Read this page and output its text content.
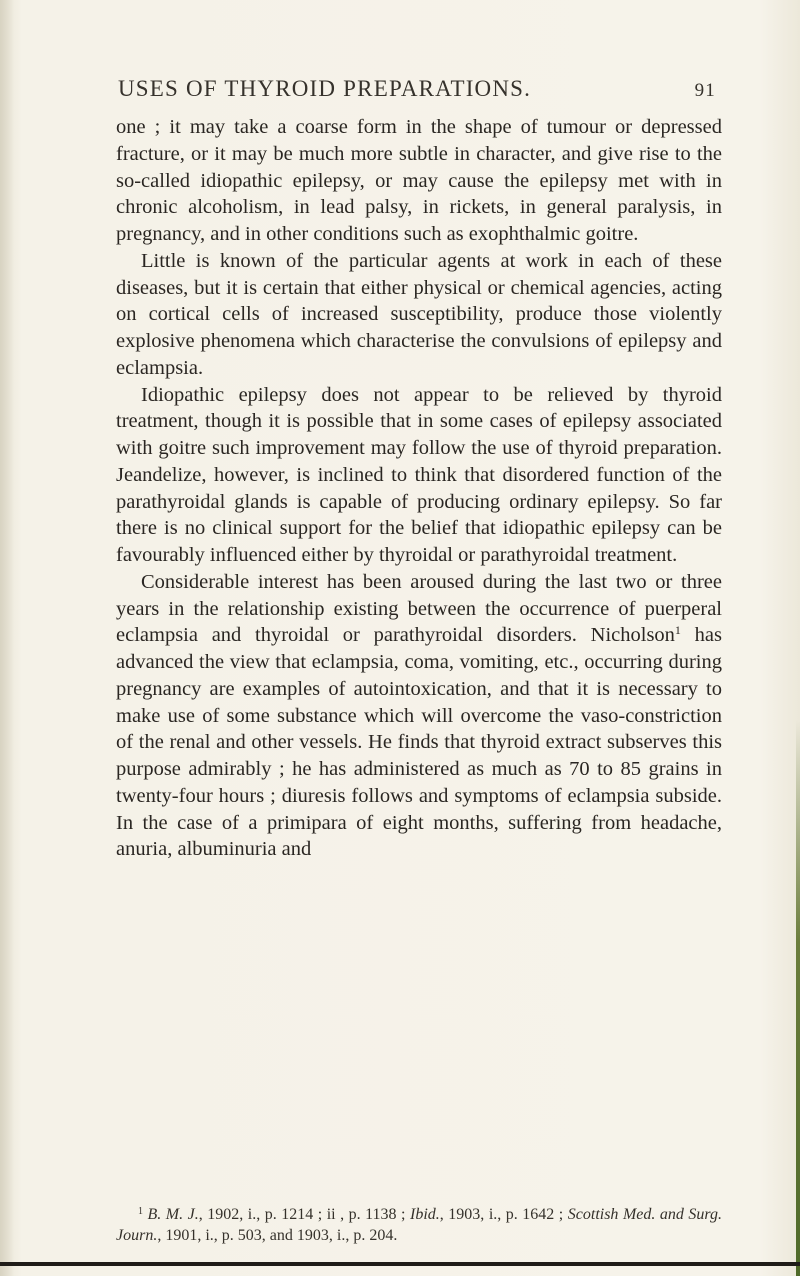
USES OF THYROID PREPARATIONS.	91

one ; it may take a coarse form in the shape of tumour or depressed fracture, or it may be much more subtle in character, and give rise to the so-called idiopathic epilepsy, or may cause the epilepsy met with in chronic alcoholism, in lead palsy, in rickets, in general paralysis, in pregnancy, and in other conditions such as exophthalmic goitre.

Little is known of the particular agents at work in each of these diseases, but it is certain that either physical or chemical agencies, acting on cortical cells of increased susceptibility, produce those violently explosive phenomena which characterise the convulsions of epilepsy and eclampsia.

Idiopathic epilepsy does not appear to be relieved by thyroid treatment, though it is possible that in some cases of epilepsy associated with goitre such improvement may follow the use of thyroid preparation. Jeandelize, however, is inclined to think that disordered function of the parathyroidal glands is capable of producing ordinary epilepsy. So far there is no clinical support for the belief that idiopathic epilepsy can be favourably influenced either by thyroidal or parathyroidal treatment.

Considerable interest has been aroused during the last two or three years in the relationship existing between the occurrence of puerperal eclampsia and thyroidal or parathyroidal disorders. Nicholson$^1$ has advanced the view that eclampsia, coma, vomiting, etc., occurring during pregnancy are examples of autointoxication, and that it is necessary to make use of some substance which will overcome the vaso-constriction of the renal and other vessels. He finds that thyroid extract subserves this purpose admirably ; he has administered as much as 70 to 85 grains in twenty-four hours ; diuresis follows and symptoms of eclampsia subside. In the case of a primipara of eight months, suffering from headache, anuria, albuminuria and

$^1$ B. M. J., 1902, i., p. 1214 ; ii , p. 1138 ; Ibid., 1903, i., p. 1642 ; Scottish Med. and Surg. Journ., 1901, i., p. 503, and 1903, i., p. 204.
